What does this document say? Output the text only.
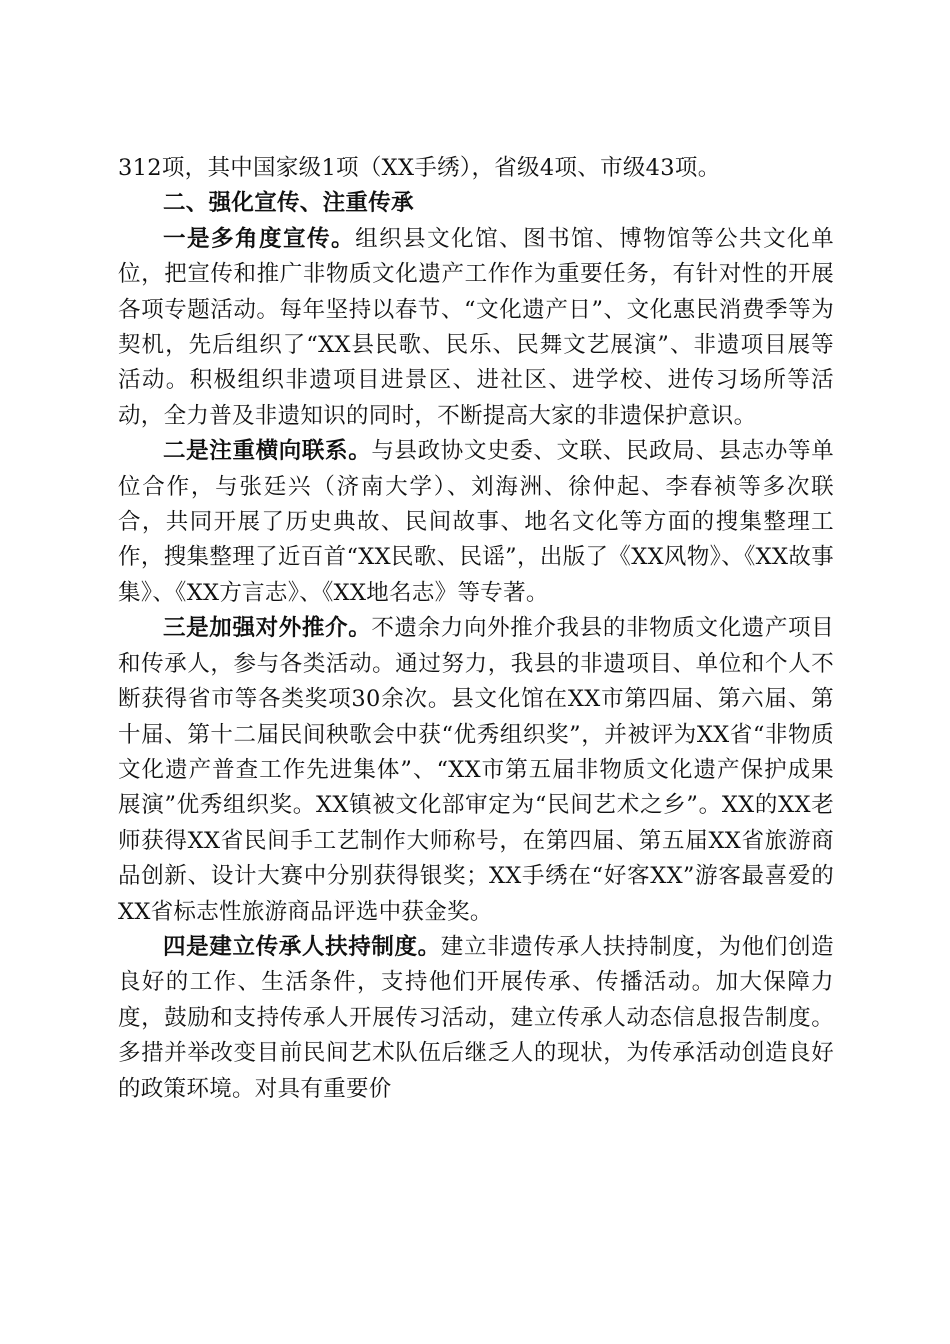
312项，其中国家级1项（XX手绣），省级4项、市级43项。

二、强化宣传、注重传承

一是多角度宣传。组织县文化馆、图书馆、博物馆等公共文化单位，把宣传和推广非物质文化遗产工作作为重要任务，有针对性的开展各项专题活动。每年坚持以春节、“文化遗产日”、文化惠民消费季等为契机，先后组织了“XX县民歌、民乐、民舞文艺展演”、非遗项目展等活动。积极组织非遗项目进景区、进社区、进学校、进传习场所等活动，全力普及非遗知识的同时，不断提高大家的非遗保护意识。

二是注重横向联系。与县政协文史委、文联、民政局、县志办等单位合作，与张廷兴（济南大学）、刘海洲、徐仲起、李春祯等多次联合，共同开展了历史典故、民间故事、地名文化等方面的搜集整理工作，搜集整理了近百首“XX民歌、民谣”，出版了《XX风物》、《XX故事集》、《XX方言志》、《XX地名志》等专著。

三是加强对外推介。不遗余力向外推介我县的非物质文化遗产项目和传承人，参与各类活动。通过努力，我县的非遗项目、单位和个人不断获得省市等各类奖项30余次。县文化馆在XX市第四届、第六届、第十届、第十二届民间秧歌会中获“优秀组织奖”，并被评为XX省“非物质文化遗产普查工作先进集体”、“XX市第五届非物质文化遗产保护成果展演”优秀组织奖。XX镇被文化部审定为“民间艺术之乡”。XX的XX老师获得XX省民间手工艺制作大师称号，在第四届、第五届XX省旅游商品创新、设计大赛中分别获得银奖；XX手绣在“好客XX”游客最喜爱的XX省标志性旅游商品评选中获金奖。

四是建立传承人扶持制度。建立非遗传承人扶持制度，为他们创造良好的工作、生活条件，支持他们开展传承、传播活动。加大保障力度，鼓励和支持传承人开展传习活动，建立传承人动态信息报告制度。多措并举改变目前民间艺术队伍后继乏人的现状，为传承活动创造良好的政策环境。对具有重要价
